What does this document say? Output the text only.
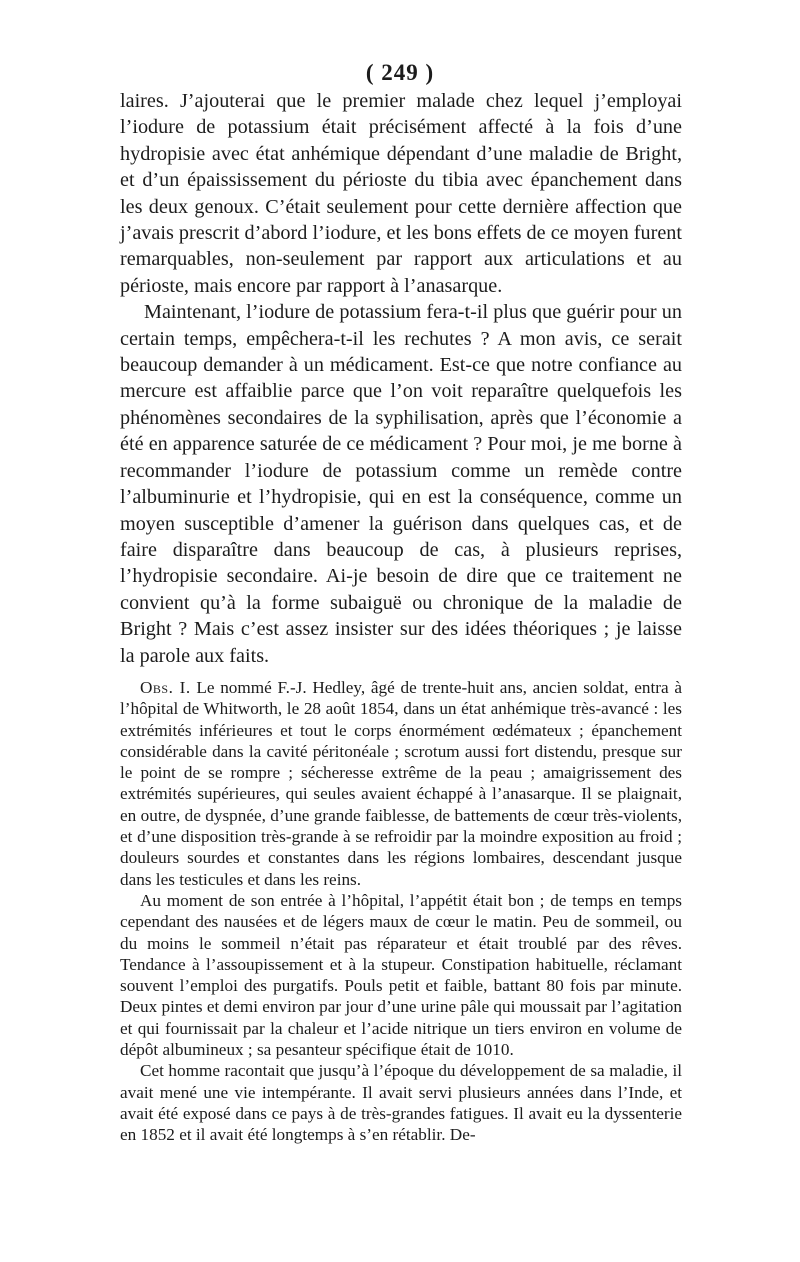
( 249 )

laires. J’ajouterai que le premier malade chez lequel j’employai l’iodure de potassium était précisément affecté à la fois d’une hydropisie avec état anhémique dépendant d’une maladie de Bright, et d’un épaississement du périoste du tibia avec épanchement dans les deux genoux. C’était seulement pour cette dernière affection que j’avais prescrit d’abord l’iodure, et les bons effets de ce moyen furent remarquables, non-seulement par rapport aux articulations et au périoste, mais encore par rapport à l’anasarque.

Maintenant, l’iodure de potassium fera-t-il plus que guérir pour un certain temps, empêchera-t-il les rechutes ? A mon avis, ce serait beaucoup demander à un médicament. Est-ce que notre confiance au mercure est affaiblie parce que l’on voit reparaître quelquefois les phénomènes secondaires de la syphilisation, après que l’économie a été en apparence saturée de ce médicament ? Pour moi, je me borne à recommander l’iodure de potassium comme un remède contre l’albuminurie et l’hydropisie, qui en est la conséquence, comme un moyen susceptible d’amener la guérison dans quelques cas, et de faire disparaître dans beaucoup de cas, à plusieurs reprises, l’hydropisie secondaire. Ai-je besoin de dire que ce traitement ne convient qu’à la forme subaiguë ou chronique de la maladie de Bright ? Mais c’est assez insister sur des idées théoriques ; je laisse la parole aux faits.

Obs. I. Le nommé F.-J. Hedley, âgé de trente-huit ans, ancien soldat, entra à l’hôpital de Whitworth, le 28 août 1854, dans un état anhémique très-avancé : les extrémités inférieures et tout le corps énormément œdémateux ; épanchement considérable dans la cavité péritonéale ; scrotum aussi fort distendu, presque sur le point de se rompre ; sécheresse extrême de la peau ; amaigrissement des extrémités supérieures, qui seules avaient échappé à l’anasarque. Il se plaignait, en outre, de dyspnée, d’une grande faiblesse, de battements de cœur très-violents, et d’une disposition très-grande à se refroidir par la moindre exposition au froid ; douleurs sourdes et constantes dans les régions lombaires, descendant jusque dans les testicules et dans les reins.

Au moment de son entrée à l’hôpital, l’appétit était bon ; de temps en temps cependant des nausées et de légers maux de cœur le matin. Peu de sommeil, ou du moins le sommeil n’était pas réparateur et était troublé par des rêves. Tendance à l’assoupissement et à la stupeur. Constipation habituelle, réclamant souvent l’emploi des purgatifs. Pouls petit et faible, battant 80 fois par minute. Deux pintes et demi environ par jour d’une urine pâle qui moussait par l’agitation et qui fournissait par la chaleur et l’acide nitrique un tiers environ en volume de dépôt albumineux ; sa pesanteur spécifique était de 1010.

Cet homme racontait que jusqu’à l’époque du développement de sa maladie, il avait mené une vie intempérante. Il avait servi plusieurs années dans l’Inde, et avait été exposé dans ce pays à de très-grandes fatigues. Il avait eu la dyssenterie en 1852 et il avait été longtemps à s’en rétablir. De-
